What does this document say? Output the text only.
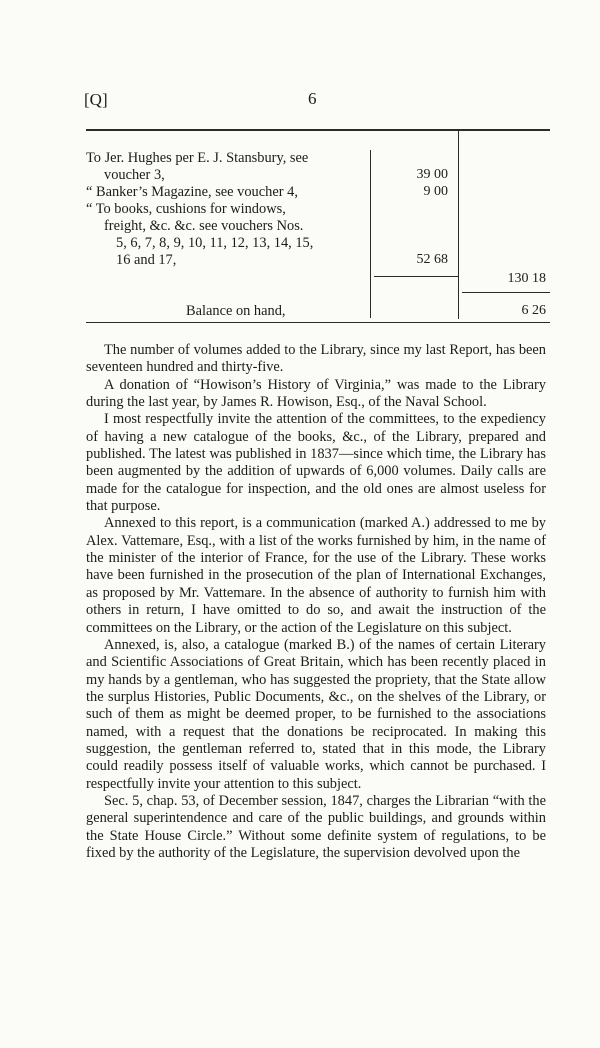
[Q]	6
To Jer. Hughes per E. J. Stansbury, see
voucher 3,
“ Banker’s Magazine, see voucher 4,
“ To books, cushions for windows,
freight, &c. &c. see vouchers Nos.
5, 6, 7, 8, 9, 10, 11, 12, 13, 14, 15,
16 and 17,
39 00
9 00
52 68
130 18
Balance on hand,	6 26

The number of volumes added to the Library, since my last Report, has been seventeen hundred and thirty-five.

A donation of “Howison’s History of Virginia,” was made to the Library during the last year, by James R. Howison, Esq., of the Naval School.

I most respectfully invite the attention of the committees, to the expediency of having a new catalogue of the books, &c., of the Library, prepared and published. The latest was published in 1837—since which time, the Library has been augmented by the addition of upwards of 6,000 volumes. Daily calls are made for the catalogue for inspection, and the old ones are almost useless for that purpose.

Annexed to this report, is a communication (marked A.) addressed to me by Alex. Vattemare, Esq., with a list of the works furnished by him, in the name of the minister of the interior of France, for the use of the Library. These works have been furnished in the prosecution of the plan of International Exchanges, as proposed by Mr. Vattemare. In the absence of authority to furnish him with others in return, I have omitted to do so, and await the instruction of the committees on the Library, or the action of the Legislature on this subject.

Annexed, is, also, a catalogue (marked B.) of the names of certain Literary and Scientific Associations of Great Britain, which has been recently placed in my hands by a gentleman, who has suggested the propriety, that the State allow the surplus Histories, Public Documents, &c., on the shelves of the Library, or such of them as might be deemed proper, to be furnished to the associations named, with a request that the donations be reciprocated. In making this suggestion, the gentleman referred to, stated that in this mode, the Library could readily possess itself of valuable works, which cannot be purchased. I respectfully invite your attention to this subject.

Sec. 5, chap. 53, of December session, 1847, charges the Librarian “with the general superintendence and care of the public buildings, and grounds within the State House Circle.” Without some definite system of regulations, to be fixed by the authority of the Legislature, the supervision devolved upon the
